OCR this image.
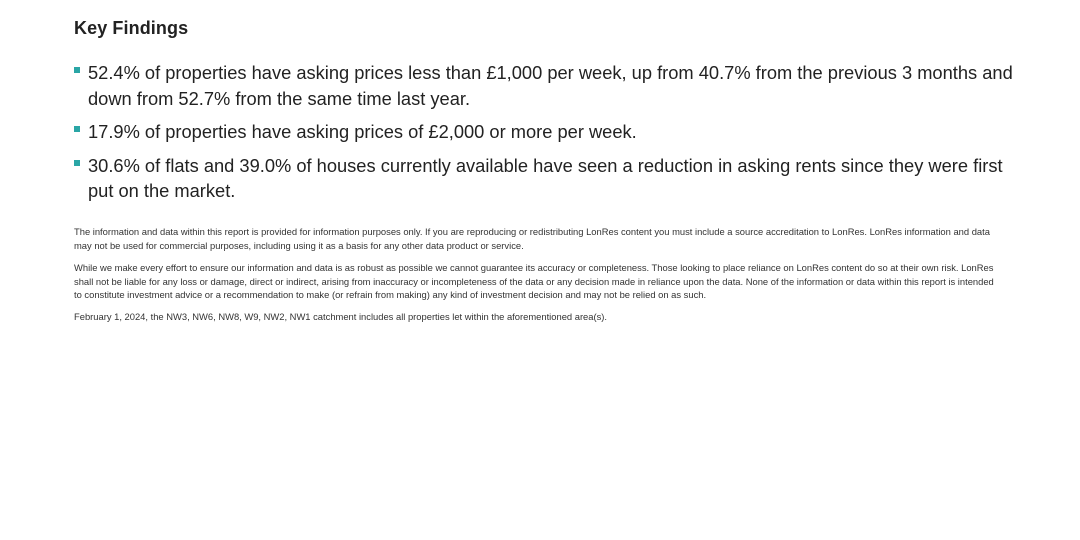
Key Findings
52.4% of properties have asking prices less than £1,000 per week, up from 40.7% from the previous 3 months and down from 52.7% from the same time last year.
17.9% of properties have asking prices of £2,000 or more per week.
30.6% of flats and 39.0% of houses currently available have seen a reduction in asking rents since they were first put on the market.

The information and data within this report is provided for information purposes only. If you are reproducing or redistributing LonRes content you must include a source accreditation to LonRes. LonRes information and data may not be used for commercial purposes, including using it as a basis for any other data product or service.

While we make every effort to ensure our information and data is as robust as possible we cannot guarantee its accuracy or completeness. Those looking to place reliance on LonRes content do so at their own risk. LonRes shall not be liable for any loss or damage, direct or indirect, arising from inaccuracy or incompleteness of the data or any decision made in reliance upon the data. None of the information or data within this report is intended to constitute investment advice or a recommendation to make (or refrain from making) any kind of investment decision and may not be relied on as such.

February 1, 2024, the NW3, NW6, NW8, W9, NW2, NW1 catchment includes all properties let within the aforementioned area(s).
